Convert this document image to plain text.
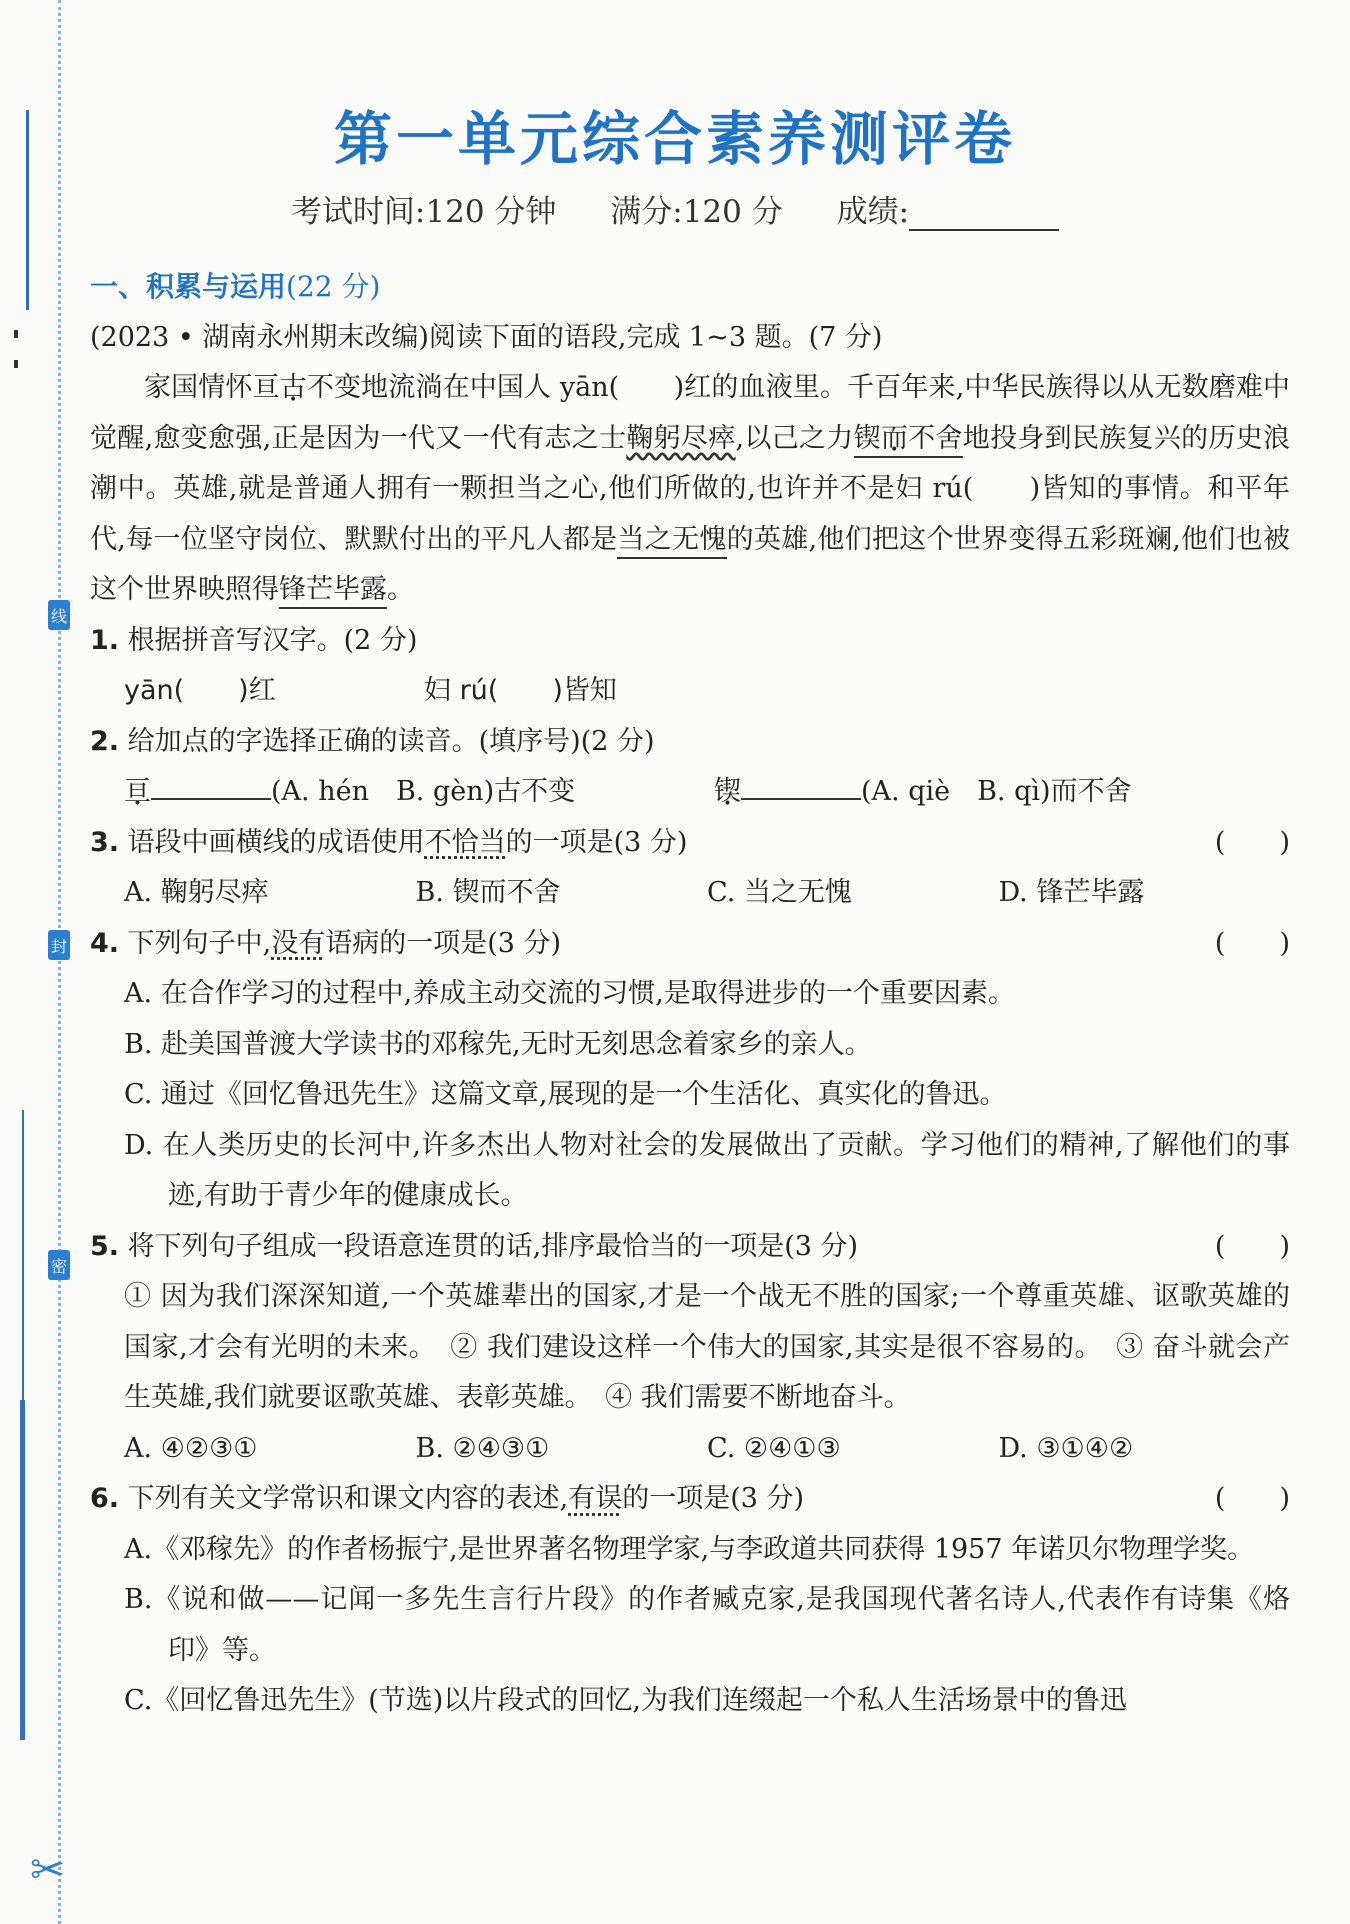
线
封
密
✂
第一单元综合素养测评卷
考试时间:120 分钟 满分:120 分 成绩:
一、积累与运用(22 分)
(2023 • 湖南永州期末改编)阅读下面的语段,完成 1~3 题。(7 分)
家国情怀亘古不变地流淌在中国人 yān(　　)红的血液里。千百年来,中华民族得以从无数磨难中觉醒,愈变愈强,正是因为一代又一代有志之士鞠躬尽瘁,以己之力锲而不舍地投身到民族复兴的历史浪潮中。英雄,就是普通人拥有一颗担当之心,他们所做的,也许并不是妇 rú(　　)皆知的事情。和平年代,每一位坚守岗位、默默付出的平凡人都是当之无愧的英雄,他们把这个世界变得五彩斑斓,他们也被这个世界映照得锋芒毕露。
1. 根据拼音写汉字。(2 分)
yān(　　)红	妇 rú(　　)皆知
2. 给加点的字选择正确的读音。(填序号)(2 分)
亘	(A. hén　B. gèn)古不变	锲	(A. qiè　B. qì)而不舍
3. 语段中画横线的成语使用不恰当的一项是(3 分)	(　　)
A. 鞠躬尽瘁	B. 锲而不舍	C. 当之无愧	D. 锋芒毕露
4. 下列句子中,没有语病的一项是(3 分)	(　　)
A. 在合作学习的过程中,养成主动交流的习惯,是取得进步的一个重要因素。
B. 赴美国普渡大学读书的邓稼先,无时无刻思念着家乡的亲人。
C. 通过《回忆鲁迅先生》这篇文章,展现的是一个生活化、真实化的鲁迅。
D. 在人类历史的长河中,许多杰出人物对社会的发展做出了贡献。学习他们的精神,了解他们的事迹,有助于青少年的健康成长。
5. 将下列句子组成一段语意连贯的话,排序最恰当的一项是(3 分)	(　　)
① 因为我们深深知道,一个英雄辈出的国家,才是一个战无不胜的国家;一个尊重英雄、讴歌英雄的国家,才会有光明的未来。　② 我们建设这样一个伟大的国家,其实是很不容易的。　③ 奋斗就会产生英雄,我们就要讴歌英雄、表彰英雄。　④ 我们需要不断地奋斗。
A. ④②③①	B. ②④③①	C. ②④①③	D. ③①④②
6. 下列有关文学常识和课文内容的表述,有误的一项是(3 分)	(　　)
A.《邓稼先》的作者杨振宁,是世界著名物理学家,与李政道共同获得 1957 年诺贝尔物理学奖。
B.《说和做——记闻一多先生言行片段》的作者臧克家,是我国现代著名诗人,代表作有诗集《烙印》等。
C.《回忆鲁迅先生》(节选)以片段式的回忆,为我们连缀起一个私人生活场景中的鲁迅
